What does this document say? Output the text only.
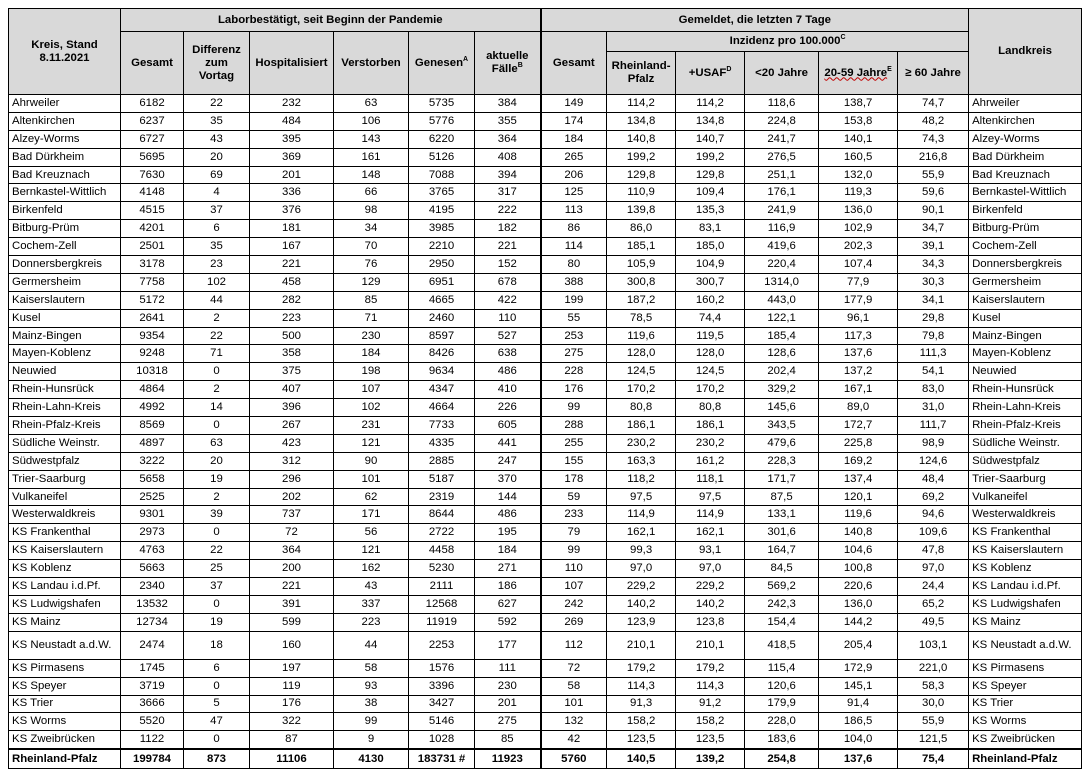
Kreis, Stand 8.11.2021	Laborbestätigt, seit Beginn der Pandemie						Gemeldet, die letzten 7 Tage						Landkreis
	Gesamt	Differenz zum Vortag	Hospitalisiert	Verstorben	Genesen$^A$	aktuelle Fälle$^B$	Gesamt	Inzidenz pro $100.000^C$
								Rheinland-Pfalz	$+USAF^D$	<20 Jahre	20-59 Jahre$^E$	≥ 60 Jahre	
Ahrweiler	6182	22	232	63	5735	384	149	114,2	114,2	118,6	138,7	74,7	Ahrweiler
Altenkirchen	6237	35	484	106	5776	355	174	134,8	134,8	224,8	153,8	48,2	Altenkirchen
Alzey-Worms	6727	43	395	143	6220	364	184	140,8	140,7	241,7	140,1	74,3	Alzey-Worms
Bad Dürkheim	5695	20	369	161	5126	408	265	199,2	199,2	276,5	160,5	216,8	Bad Dürkheim
Bad Kreuznach	7630	69	201	148	7088	394	206	129,8	129,8	251,1	132,0	55,9	Bad Kreuznach
Bernkastel-Wittlich	4148	4	336	66	3765	317	125	110,9	109,4	176,1	119,3	59,6	Bernkastel-Wittlich
Birkenfeld	4515	37	376	98	4195	222	113	139,8	135,3	241,9	136,0	90,1	Birkenfeld
Bitburg-Prüm	4201	6	181	34	3985	182	86	86,0	83,1	116,9	102,9	34,7	Bitburg-Prüm
Cochem-Zell	2501	35	167	70	2210	221	114	185,1	185,0	419,6	202,3	39,1	Cochem-Zell
Donnersbergkreis	3178	23	221	76	2950	152	80	105,9	104,9	220,4	107,4	34,3	Donnersbergkreis
Germersheim	7758	102	458	129	6951	678	388	300,8	300,7	1314,0	77,9	30,3	Germersheim
Kaiserslautern	5172	44	282	85	4665	422	199	187,2	160,2	443,0	177,9	34,1	Kaiserslautern
Kusel	2641	2	223	71	2460	110	55	78,5	74,4	122,1	96,1	29,8	Kusel
Mainz-Bingen	9354	22	500	230	8597	527	253	119,6	119,5	185,4	117,3	79,8	Mainz-Bingen
Mayen-Koblenz	9248	71	358	184	8426	638	275	128,0	128,0	128,6	137,6	111,3	Mayen-Koblenz
Neuwied	10318	0	375	198	9634	486	228	124,5	124,5	202,4	137,2	54,1	Neuwied
Rhein-Hunsrück	4864	2	407	107	4347	410	176	170,2	170,2	329,2	167,1	83,0	Rhein-Hunsrück
Rhein-Lahn-Kreis	4992	14	396	102	4664	226	99	80,8	80,8	145,6	89,0	31,0	Rhein-Lahn-Kreis
Rhein-Pfalz-Kreis	8569	0	267	231	7733	605	288	186,1	186,1	343,5	172,7	111,7	Rhein-Pfalz-Kreis
Südliche Weinstr.	4897	63	423	121	4335	441	255	230,2	230,2	479,6	225,8	98,9	Südliche Weinstr.
Südwestpfalz	3222	20	312	90	2885	247	155	163,3	161,2	228,3	169,2	124,6	Südwestpfalz
Trier-Saarburg	5658	19	296	101	5187	370	178	118,2	118,1	171,7	137,4	48,4	Trier-Saarburg
Vulkaneifel	2525	2	202	62	2319	144	59	97,5	97,5	87,5	120,1	69,2	Vulkaneifel
Westerwaldkreis	9301	39	737	171	8644	486	233	114,9	114,9	133,1	119,6	94,6	Westerwaldkreis
KS Frankenthal	2973	0	72	56	2722	195	79	162,1	162,1	301,6	140,8	109,6	KS Frankenthal
KS Kaiserslautern	4763	22	364	121	4458	184	99	99,3	93,1	164,7	104,6	47,8	KS Kaiserslautern
KS Koblenz	5663	25	200	162	5230	271	110	97,0	97,0	84,5	100,8	97,0	KS Koblenz
KS Landau i.d.Pf.	2340	37	221	43	2111	186	107	229,2	229,2	569,2	220,6	24,4	KS Landau i.d.Pf.
KS Ludwigshafen	13532	0	391	337	12568	627	242	140,2	140,2	242,3	136,0	65,2	KS Ludwigshafen
KS Mainz	12734	19	599	223	11919	592	269	123,9	123,8	154,4	144,2	49,5	KS Mainz
KS Neustadt a.d.W.	2474	18	160	44	2253	177	112	210,1	210,1	418,5	205,4	103,1	KS Neustadt a.d.W.
KS Pirmasens	1745	6	197	58	1576	111	72	179,2	179,2	115,4	172,9	221,0	KS Pirmasens
KS Speyer	3719	0	119	93	3396	230	58	114,3	114,3	120,6	145,1	58,3	KS Speyer
KS Trier	3666	5	176	38	3427	201	101	91,3	91,2	179,9	91,4	30,0	KS Trier
KS Worms	5520	47	322	99	5146	275	132	158,2	158,2	228,0	186,5	55,9	KS Worms
KS Zweibrücken	1122	0	87	9	1028	85	42	123,5	123,5	183,6	104,0	121,5	KS Zweibrücken
Rheinland-Pfalz	199784	873	11106	4130	183731 #	11923	5760	140,5	139,2	254,8	137,6	75,4	Rheinland-Pfalz
